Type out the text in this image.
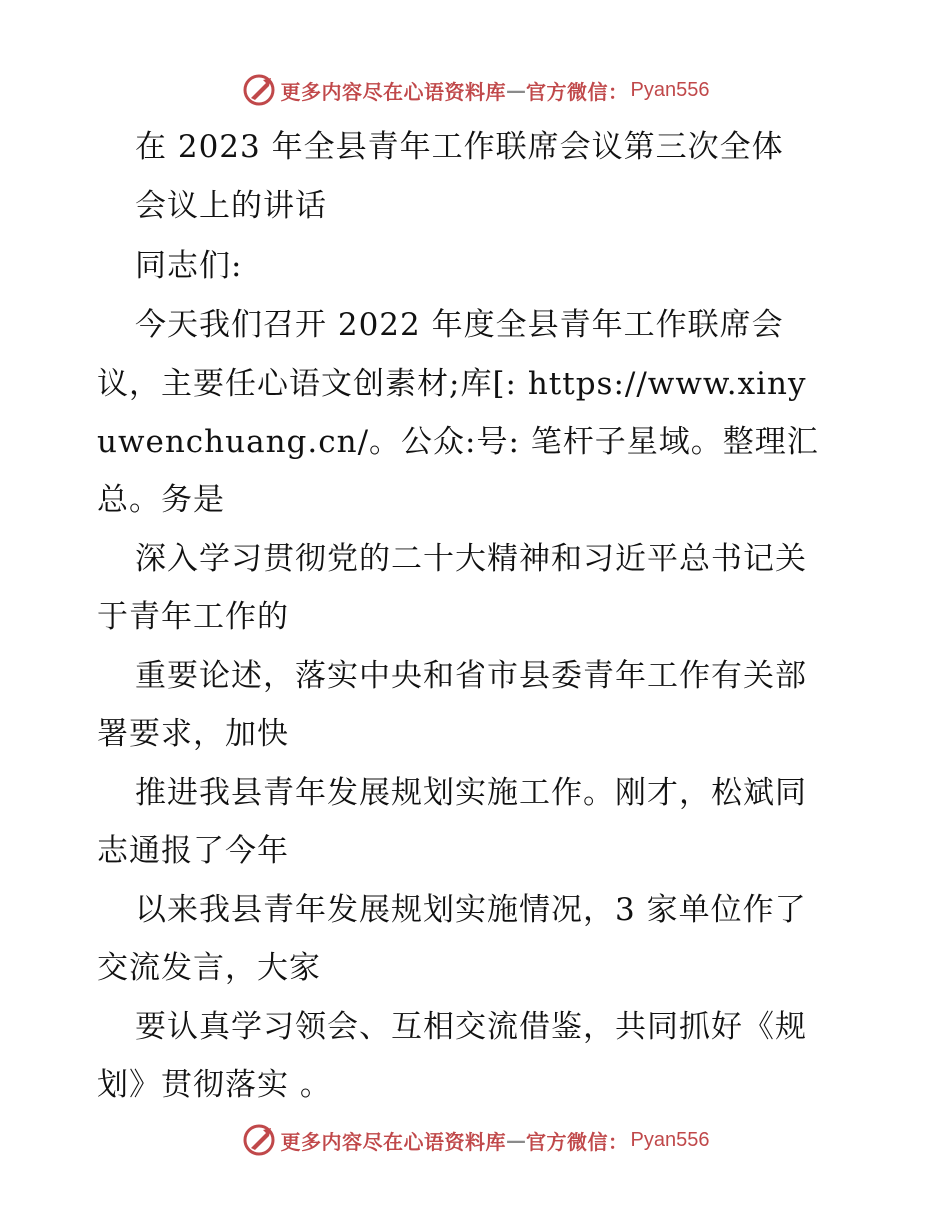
更多内容尽在心语资料库 — 官方微信： Pyan556
在 2023 年全县青年工作联席会议第三次全体
会议上的讲话
同志们:
今天我们召开 2022 年度全县青年工作联席会
议，主要任心语文创素材;库[: https://www.xiny
uwenchuang.cn/。公众:号: 笔杆子星域。整理汇
总。务是
深入学习贯彻党的二十大精神和习近平总书记关
于青年工作的
重要论述，落实中央和省市县委青年工作有关部
署要求，加快
推进我县青年发展规划实施工作。刚才，松斌同
志通报了今年
以来我县青年发展规划实施情况，3 家单位作了
交流发言，大家
要认真学习领会、互相交流借鉴，共同抓好《规
划》贯彻落实 。
更多内容尽在心语资料库 — 官方微信： Pyan556
